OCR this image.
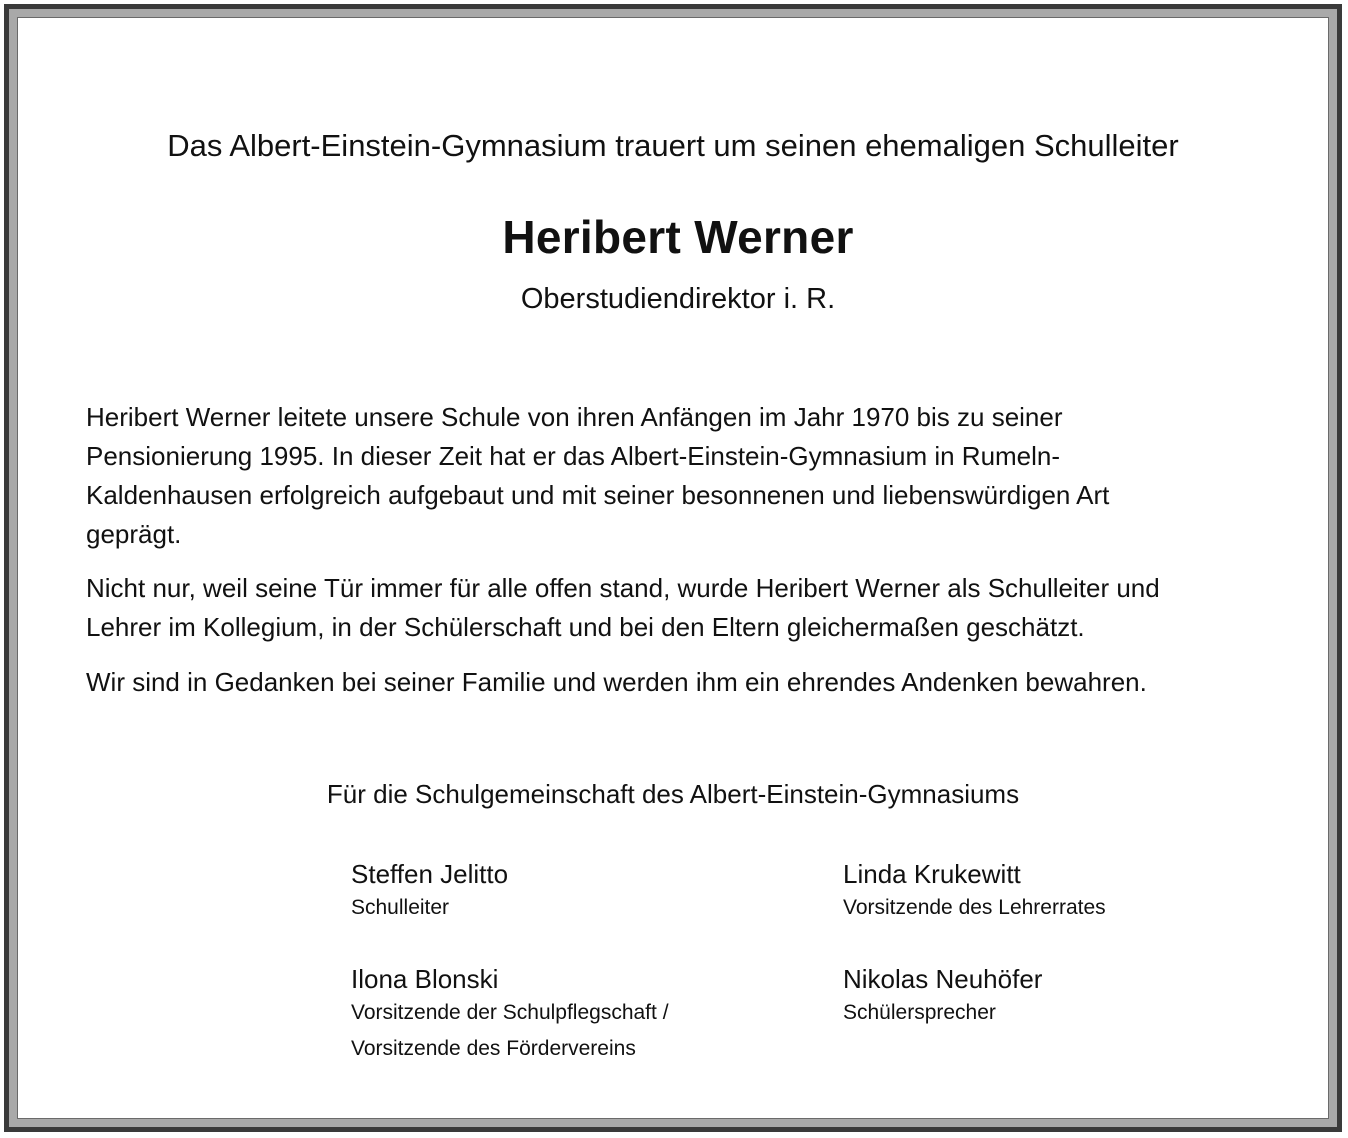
Das Albert-Einstein-Gymnasium trauert um seinen ehemaligen Schulleiter
Heribert Werner
Oberstudiendirektor i. R.
Heribert Werner leitete unsere Schule von ihren Anfängen im Jahr 1970 bis zu seiner
Pensionierung 1995. In dieser Zeit hat er das Albert-Einstein-Gymnasium in Rumeln-
Kaldenhausen erfolgreich aufgebaut und mit seiner besonnenen und liebenswürdigen Art
geprägt.
Nicht nur, weil seine Tür immer für alle offen stand, wurde Heribert Werner als Schulleiter und
Lehrer im Kollegium, in der Schülerschaft und bei den Eltern gleichermaßen geschätzt.
Wir sind in Gedanken bei seiner Familie und werden ihm ein ehrendes Andenken bewahren.
Für die Schulgemeinschaft des Albert-Einstein-Gymnasiums
Steffen Jelitto
Schulleiter
Linda Krukewitt
Vorsitzende des Lehrerrates
Ilona Blonski
Vorsitzende der Schulpflegschaft /
Vorsitzende des Fördervereins
Nikolas Neuhöfer
Schülersprecher
